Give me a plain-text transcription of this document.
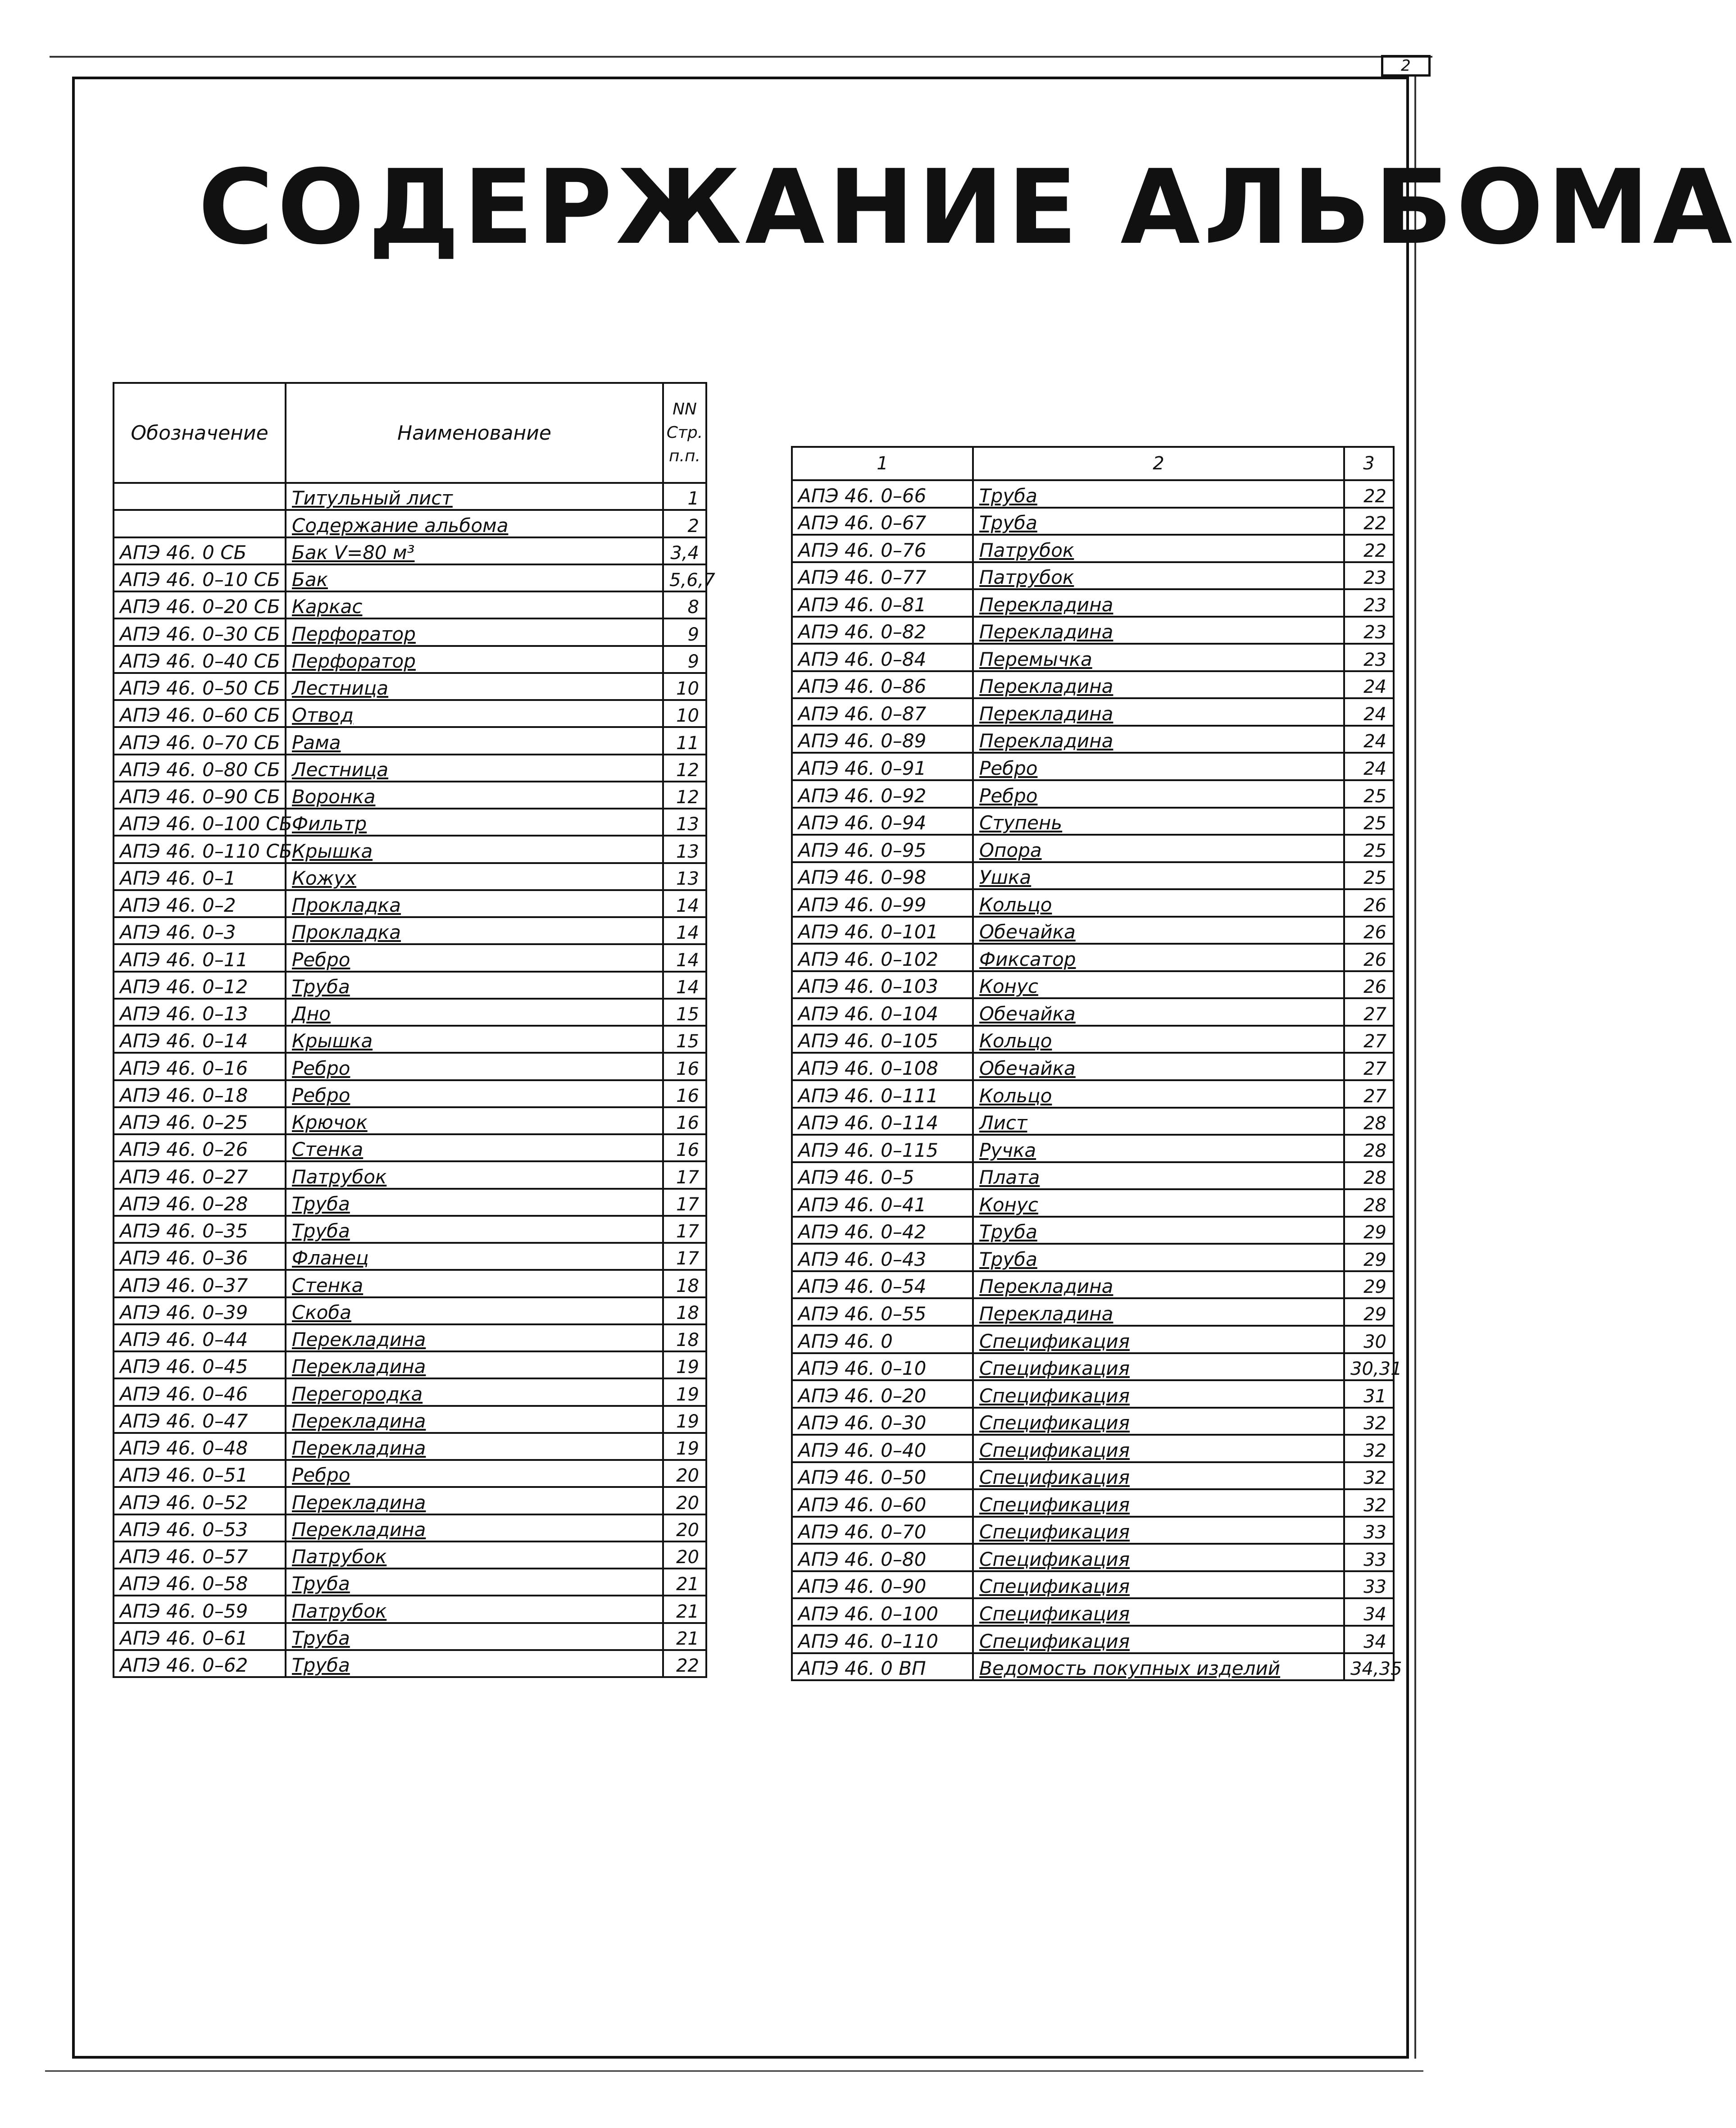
2
СОДЕРЖАНИЕ АЛЬБОМА
Обозначение	Наименование	NN
Стр.
п.п.

	Титульный лист	1
	Содержание альбома	2
АПЭ 46. 0 СБ	Бак V=80 м³	3,4
АПЭ 46. 0–10 СБ	Бак	5,6,7
АПЭ 46. 0–20 СБ	Каркас	8
АПЭ 46. 0–30 СБ	Перфоратор	9
АПЭ 46. 0–40 СБ	Перфоратор	9
АПЭ 46. 0–50 СБ	Лестница	10
АПЭ 46. 0–60 СБ	Отвод	10
АПЭ 46. 0–70 СБ	Рама	11
АПЭ 46. 0–80 СБ	Лестница	12
АПЭ 46. 0–90 СБ	Воронка	12
АПЭ 46. 0–100 СБ	Фильтр	13
АПЭ 46. 0–110 СБ	Крышка	13
АПЭ 46. 0–1	Кожух	13
АПЭ 46. 0–2	Прокладка	14
АПЭ 46. 0–3	Прокладка	14
АПЭ 46. 0–11	Ребро	14
АПЭ 46. 0–12	Труба	14
АПЭ 46. 0–13	Дно	15
АПЭ 46. 0–14	Крышка	15
АПЭ 46. 0–16	Ребро	16
АПЭ 46. 0–18	Ребро	16
АПЭ 46. 0–25	Крючок	16
АПЭ 46. 0–26	Стенка	16
АПЭ 46. 0–27	Патрубок	17
АПЭ 46. 0–28	Труба	17
АПЭ 46. 0–35	Труба	17
АПЭ 46. 0–36	Фланец	17
АПЭ 46. 0–37	Стенка	18
АПЭ 46. 0–39	Скоба	18
АПЭ 46. 0–44	Перекладина	18
АПЭ 46. 0–45	Перекладина	19
АПЭ 46. 0–46	Перегородка	19
АПЭ 46. 0–47	Перекладина	19
АПЭ 46. 0–48	Перекладина	19
АПЭ 46. 0–51	Ребро	20
АПЭ 46. 0–52	Перекладина	20
АПЭ 46. 0–53	Перекладина	20
АПЭ 46. 0–57	Патрубок	20
АПЭ 46. 0–58	Труба	21
АПЭ 46. 0–59	Патрубок	21
АПЭ 46. 0–61	Труба	21
АПЭ 46. 0–62	Труба	22
1	2	3
АПЭ 46. 0–66	Труба	22
АПЭ 46. 0–67	Труба	22
АПЭ 46. 0–76	Патрубок	22
АПЭ 46. 0–77	Патрубок	23
АПЭ 46. 0–81	Перекладина	23
АПЭ 46. 0–82	Перекладина	23
АПЭ 46. 0–84	Перемычка	23
АПЭ 46. 0–86	Перекладина	24
АПЭ 46. 0–87	Перекладина	24
АПЭ 46. 0–89	Перекладина	24
АПЭ 46. 0–91	Ребро	24
АПЭ 46. 0–92	Ребро	25
АПЭ 46. 0–94	Ступень	25
АПЭ 46. 0–95	Опора	25
АПЭ 46. 0–98	Ушка	25
АПЭ 46. 0–99	Кольцо	26
АПЭ 46. 0–101	Обечайка	26
АПЭ 46. 0–102	Фиксатор	26
АПЭ 46. 0–103	Конус	26
АПЭ 46. 0–104	Обечайка	27
АПЭ 46. 0–105	Кольцо	27
АПЭ 46. 0–108	Обечайка	27
АПЭ 46. 0–111	Кольцо	27
АПЭ 46. 0–114	Лист	28
АПЭ 46. 0–115	Ручка	28
АПЭ 46. 0–5	Плата	28
АПЭ 46. 0–41	Конус	28
АПЭ 46. 0–42	Труба	29
АПЭ 46. 0–43	Труба	29
АПЭ 46. 0–54	Перекладина	29
АПЭ 46. 0–55	Перекладина	29
АПЭ 46. 0	Спецификация	30
АПЭ 46. 0–10	Спецификация	30,31
АПЭ 46. 0–20	Спецификация	31
АПЭ 46. 0–30	Спецификация	32
АПЭ 46. 0–40	Спецификация	32
АПЭ 46. 0–50	Спецификация	32
АПЭ 46. 0–60	Спецификация	32
АПЭ 46. 0–70	Спецификация	33
АПЭ 46. 0–80	Спецификация	33
АПЭ 46. 0–90	Спецификация	33
АПЭ 46. 0–100	Спецификация	34
АПЭ 46. 0–110	Спецификация	34
АПЭ 46. 0 ВП	Ведомость покупных изделий	34,35
